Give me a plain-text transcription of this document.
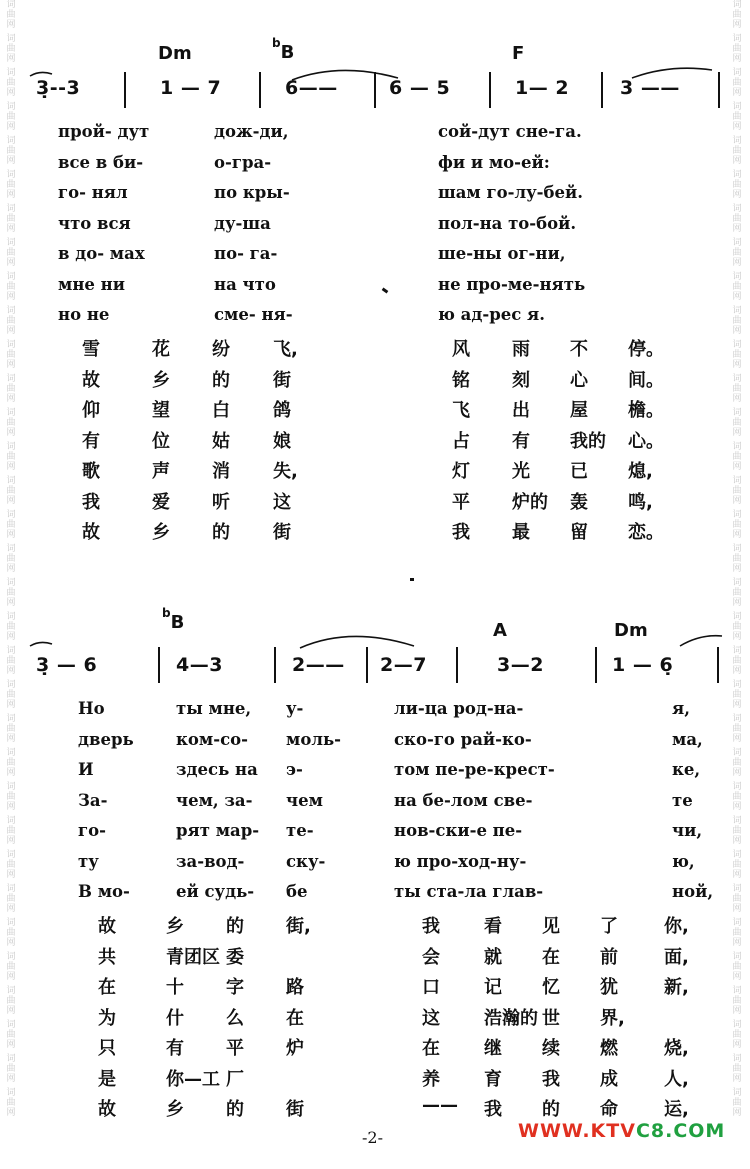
词
曲
网
词
曲
网
词
曲
网
词
曲
网
词
曲
网
词
曲
网
词
曲
网
词
曲
网
词
曲
网
词
曲
网
词
曲
网
词
曲
网
词
曲
网
词
曲
网
词
曲
网
词
曲
网
词
曲
网
词
曲
网
词
曲
网
词
曲
网
词
曲
网
词
曲
网
词
曲
网
词
曲
网
词
曲
网
词
曲
网
词
曲
网
词
曲
网
词
曲
网
词
曲
网
词
曲
网
词
曲
网
词
曲
网
词
曲
网
词
曲
网
词
曲
网
词
曲
网
词
曲
网
词
曲
网
词
曲
网
词
曲
网
词
曲
网
词
曲
网
词
曲
网
词
曲
网
词
曲
网
词
曲
网
词
曲
网
词
曲
网
词
曲
网
词
曲
网
词
曲
网
词
曲
网
词
曲
网
词
曲
网
词
曲
网
词
曲
网
词
曲
网
词
曲
网
词
曲
网
词
曲
网
词
曲
网
词
曲
网
词
曲
网
词
曲
网
词
曲
网
Dm	$^b$B	F
3̣--3	1 — 7	6——	6 — 5	1— 2	3 ——
прой- дут	дож-ди,	сой-дут сне-га.
все в би-	о-гра-	фи и мо-ей:
го- нял	по кры-	шам го-лу-бей.
что вся	ду-ша	пол-на то-бой.
в до- мах	по- га-	ше-ны ог-ни,
мне ни	на что	не про-ме-нять
но не	сме- ня-	ю ад-рес я.
雪	花 纷 飞,	风 雨 不 停。
故	乡 的 街	铭 刻 心 间。
仰	望 白 鸽	飞 出 屋 檐。
有	位 姑 娘	占 有 我的 心。
歌	声 消 失,	灯 光 已 熄,
我	爱 听 这	平 炉的 轰 鸣,
故	乡 的 街	我 最 留 恋。
$^b$B	A	Dm
3̣ — 6	4—3	2—— 2—7	3—2	1 — 6̣
Но	ты мне, у-	ли-ца род-на-	я,
дверь	ком-со- моль-	ско-го рай-ко-	ма,
И	здесь на э-	том пе-ре-крест-	ке,
За-	чем, за- чем	на бе-лом све-	те
го-	рят мар- те-	нов-ски-е пе-	чи,
ту	за-вод-	ску-	ю про-ход-ну-	ю,
В мо-	ей судь- бе	ты ста-ла глав-	ной,
故	乡 的 街,	我 看 见 了	你,
共	青团区 委	会 就 在 前	面,
在	十 字 路	口 记 忆 犹	新,
为	什 么 在	这 浩瀚的 世 界,
只	有 平 炉	在 继 续 燃	烧,
是	你—工 厂	养 育 我 成	人,
故	乡 的 街	—— 我 的 命	运,
-2-	WWW.KTVC8.COM
